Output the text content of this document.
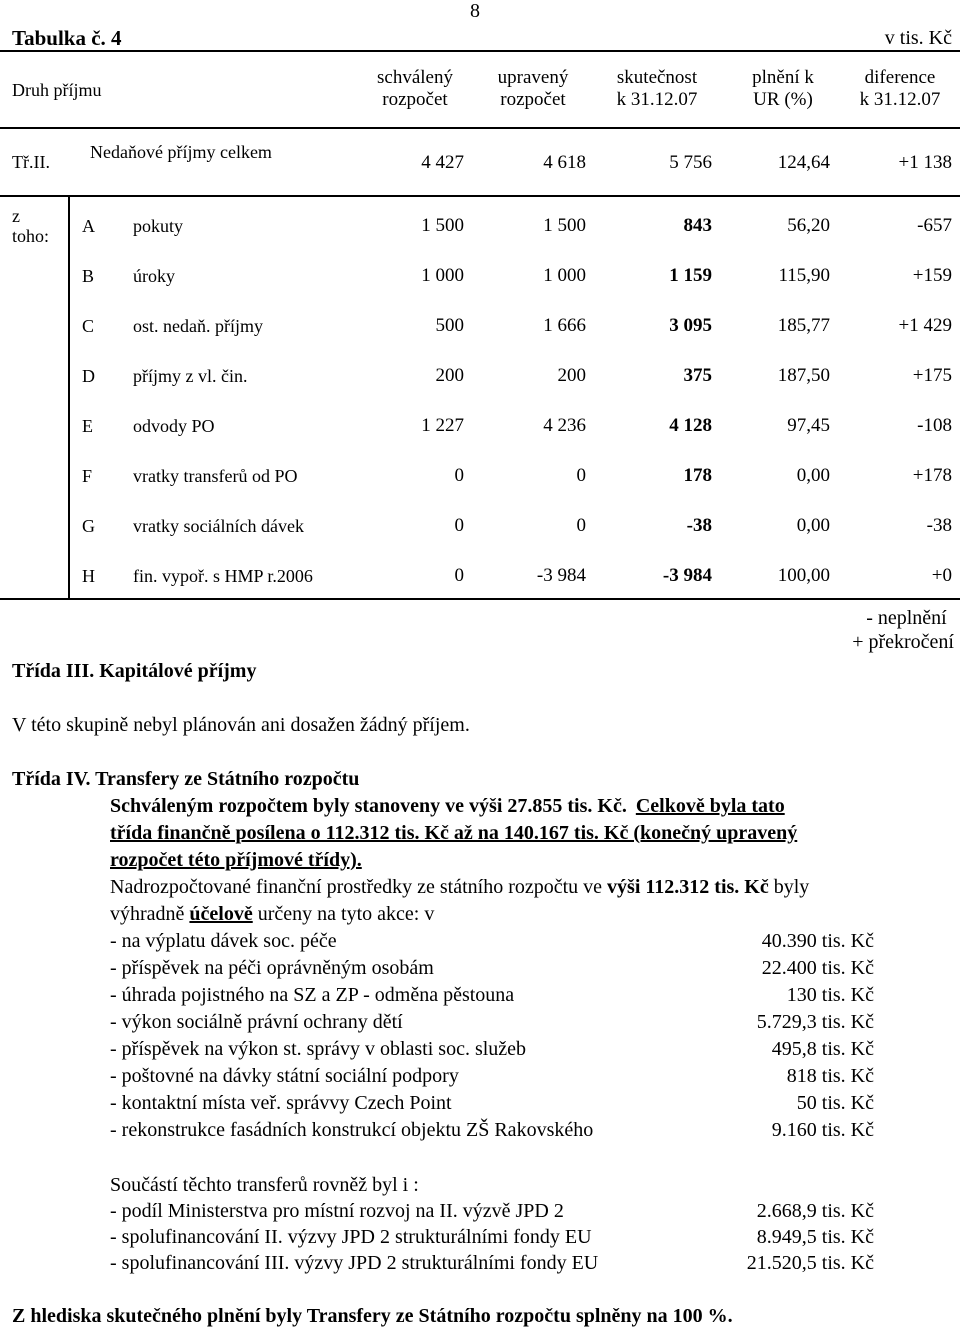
8
Tabulka č. 4	v tis. Kč
Druh příjmu
schválený
rozpočet
upravený
rozpočet
skutečnost
k 31.12.07
plnění k
UR (%)
diference
k 31.12.07
Tř.II. Nedaňové příjmy celkem	4 427	4 618	5 756	124,64	+1 138
z
toho: A pokuty	1 500	1 500	843	56,20	-657
B úroky	1 000	1 000	1 159	115,90	+159
C ost. nedaň. příjmy	500	1 666	3 095	185,77	+1 429
D příjmy z vl. čin.	200	200	375	187,50	+175
E odvody PO	1 227	4 236	4 128	97,45	-108
F vratky transferů od PO	0	0	178	0,00	+178
G vratky sociálních dávek	0	0	-38	0,00	-38
H fin. vypoř. s HMP r.2006	0	-3 984	-3 984	100,00	+0
- neplnění
+ překročení
Třída III. Kapitálové příjmy
V této skupině nebyl plánován ani dosažen žádný příjem.
Třída IV. Transfery ze Státního rozpočtu
Schváleným rozpočtem byly stanoveny ve výši 27.855 tis. Kč. Celkově byla tato
třída finančně posílena o 112.312 tis. Kč až na 140.167 tis. Kč (konečný upravený
rozpočet této příjmové třídy).
Nadrozpočtované finanční prostředky ze státního rozpočtu ve výši 112.312 tis. Kč byly
výhradně účelově určeny na tyto akce: v
- na výplatu dávek soc. péče	40.390 tis. Kč
- příspěvek na péči oprávněným osobám	22.400 tis. Kč
- úhrada pojistného na SZ a ZP - odměna pěstouna	130 tis. Kč
- výkon sociálně právní ochrany dětí	5.729,3 tis. Kč
- příspěvek na výkon st. správy v oblasti soc. služeb	495,8 tis. Kč
- poštovné na dávky státní sociální podpory	818 tis. Kč
- kontaktní místa veř. správvy Czech Point	50 tis. Kč
- rekonstrukce fasádních konstrukcí objektu ZŠ Rakovského	9.160 tis. Kč
Součástí těchto transferů rovněž byl i :
- podíl Ministerstva pro místní rozvoj na II. výzvě JPD 2	2.668,9 tis. Kč
- spolufinancování II. výzvy JPD 2 strukturálními fondy EU	8.949,5 tis. Kč
- spolufinancování III. výzvy JPD 2 strukturálními fondy EU	21.520,5 tis. Kč
Z hlediska skutečného plnění byly Transfery ze Státního rozpočtu splněny na 100 %.
